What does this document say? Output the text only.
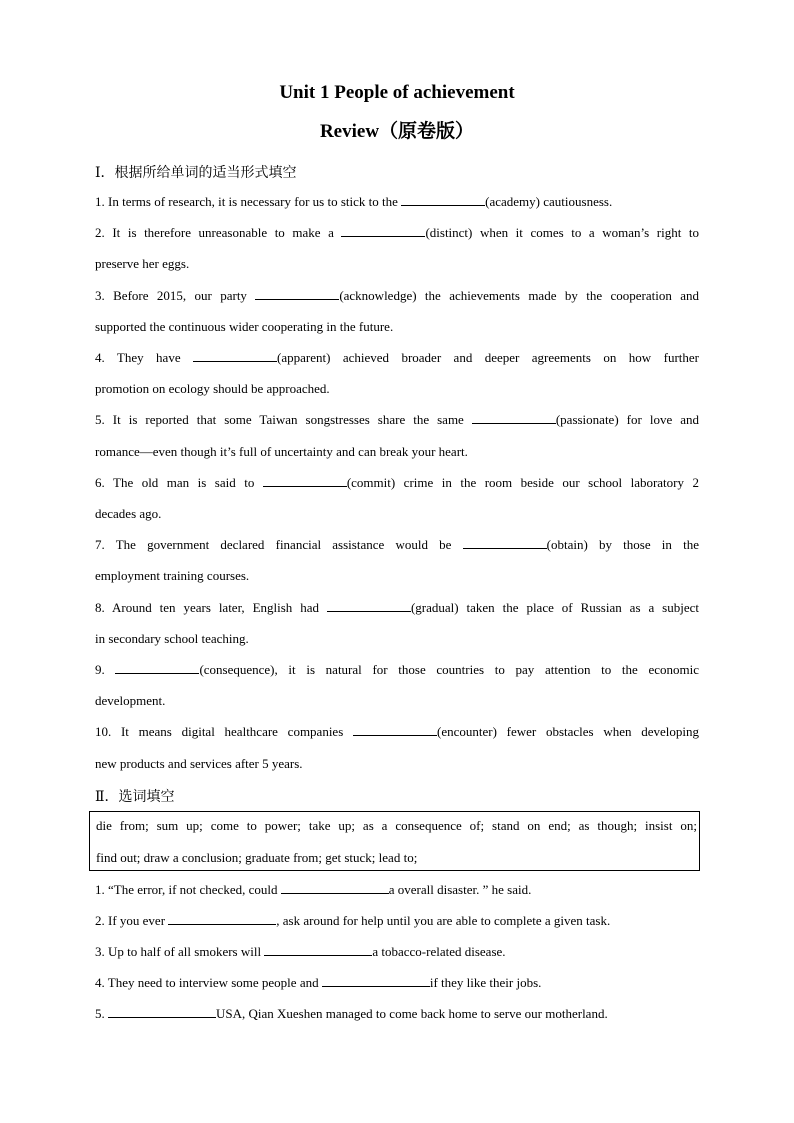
Unit 1 People of achievement
Review（原卷版）
Ⅰ．根据所给单词的适当形式填空
1. In terms of research, it is necessary for us to stick to the	(academy) cautiousness.
2. It is therefore unreasonable to make a	(distinct) when it comes to a woman’s right to
preserve her eggs.
3. Before 2015, our party	(acknowledge) the achievements made by the cooperation and
supported the continuous wider cooperating in the future.
4. They have	(apparent) achieved broader and deeper agreements on how further
promotion on ecology should be approached.
5. It is reported that some Taiwan songstresses share the same	(passionate) for love and
romance—even though it’s full of uncertainty and can break your heart.
6. The old man is said to	(commit) crime in the room beside our school laboratory 2
decades ago.
7. The government declared financial assistance would be	(obtain) by those in the
employment training courses.
8. Around ten years later, English had	(gradual) taken the place of Russian as a subject
in secondary school teaching.
9.	(consequence), it is natural for those countries to pay attention to the economic
development.
10. It means digital healthcare companies	(encounter) fewer obstacles when developing
new products and services after 5 years.
Ⅱ．选词填空
die from; sum up; come to power; take up; as a consequence of; stand on end; as though; insist on;
find out; draw a conclusion; graduate from; get stuck; lead to;
1. “The error, if not checked, could	a overall disaster. ” he said.
2. If you ever	, ask around for help until you are able to complete a given task.
3. Up to half of all smokers will	a tobacco-related disease.
4. They need to interview some people and	if they like their jobs.
5.	USA, Qian Xueshen managed to come back home to serve our motherland.
